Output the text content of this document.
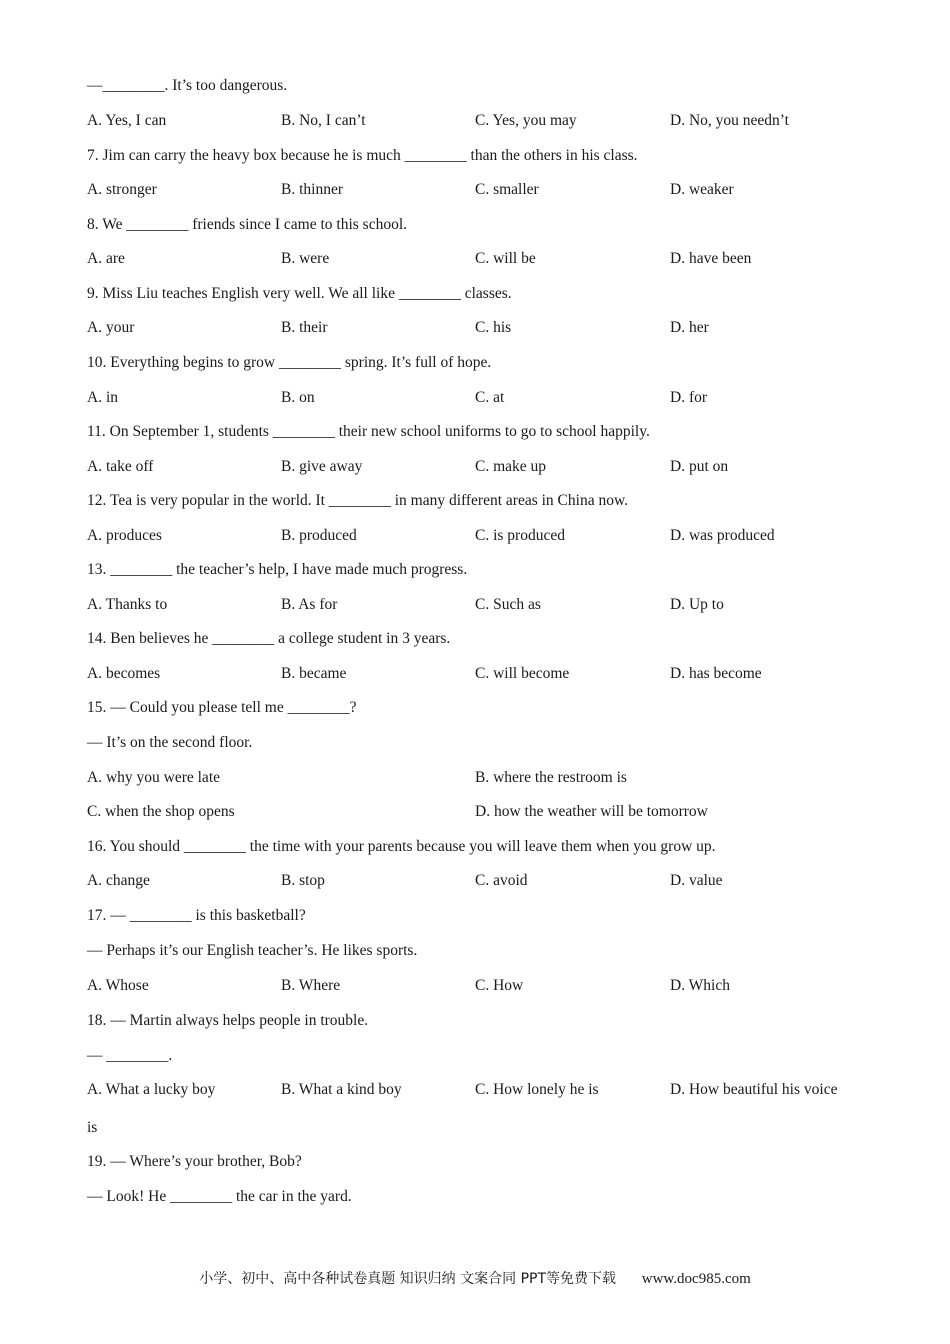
—________. It’s too dangerous.
A. Yes, I can	B. No, I can’t	C. Yes, you may	D. No, you needn’t
7. Jim can carry the heavy box because he is much ________ than the others in his class.
A. stronger	B. thinner	C. smaller	D. weaker
8. We ________ friends since I came to this school.
A. are	B. were	C. will be	D. have been
9. Miss Liu teaches English very well. We all like ________ classes.
A. your	B. their	C. his	D. her
10. Everything begins to grow ________ spring. It’s full of hope.
A. in	B. on	C. at	D. for
11. On September 1, students ________ their new school uniforms to go to school happily.
A. take off	B. give away	C. make up	D. put on
12. Tea is very popular in the world. It ________ in many different areas in China now.
A. produces	B. produced	C. is produced	D. was produced
13. ________ the teacher’s help, I have made much progress.
A. Thanks to	B. As for	C. Such as	D. Up to
14. Ben believes he ________ a college student in 3 years.
A. becomes	B. became	C. will become	D. has become
15. — Could you please tell me ________?
— It’s on the second floor.
A. why you were late	B. where the restroom is
C. when the shop opens	D. how the weather will be tomorrow
16. You should ________ the time with your parents because you will leave them when you grow up.
A. change	B. stop	C. avoid	D. value
17. — ________ is this basketball?
— Perhaps it’s our English teacher’s. He likes sports.
A. Whose	B. Where	C. How	D. Which
18. — Martin always helps people in trouble.
— ________.
A. What a lucky boy	B. What a kind boy	C. How lonely he is	D. How beautiful his voice
is
19. — Where’s your brother, Bob?
— Look! He ________ the car in the yard.
小学、初中、高中各种试卷真题 知识归纳 文案合同 PPT等免费下载 www.doc985.com
